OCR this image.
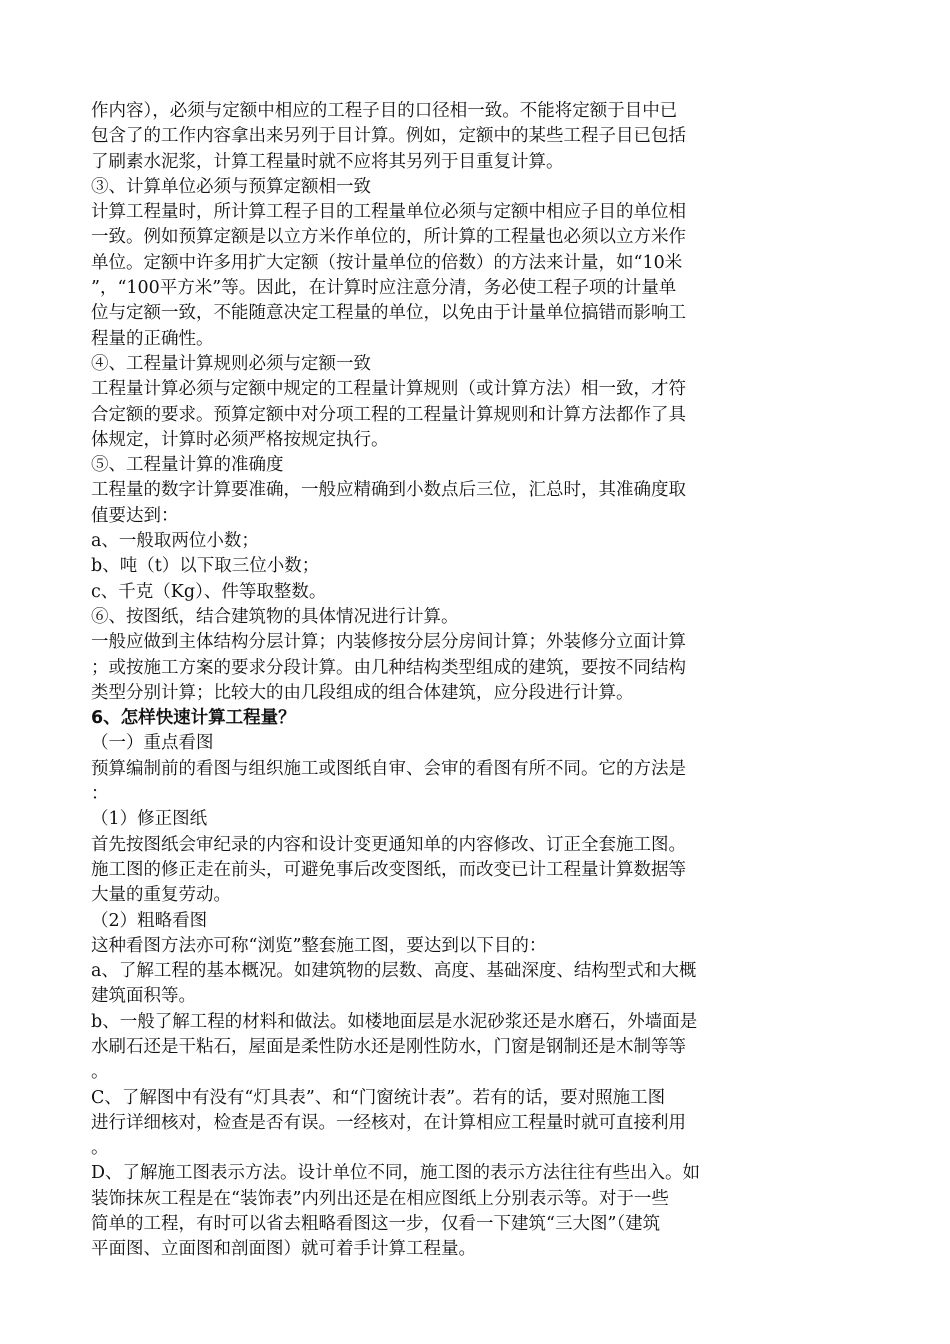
作内容），必须与定额中相应的工程子目的口径相一致。不能将定额于目中已
包含了的工作内容拿出来另列于目计算。例如，定额中的某些工程子目已包括
了刷素水泥浆，计算工程量时就不应将其另列于目重复计算。
③、计算单位必须与预算定额相一致
计算工程量时，所计算工程子目的工程量单位必须与定额中相应子目的单位相
一致。例如预算定额是以立方米作单位的，所计算的工程量也必须以立方米作
单位。定额中许多用扩大定额（按计量单位的倍数）的方法来计量，如“10米
”，“100平方米”等。因此，在计算时应注意分清，务必使工程子项的计量单
位与定额一致，不能随意决定工程量的单位，以免由于计量单位搞错而影响工
程量的正确性。
④、工程量计算规则必须与定额一致
工程量计算必须与定额中规定的工程量计算规则（或计算方法）相一致，才符
合定额的要求。预算定额中对分项工程的工程量计算规则和计算方法都作了具
体规定，计算时必须严格按规定执行。
⑤、工程量计算的准确度
工程量的数字计算要准确，一般应精确到小数点后三位，汇总时，其准确度取
值要达到：
a、一般取两位小数；
b、吨（t）以下取三位小数；
c、千克（Kg）、件等取整数。
⑥、按图纸，结合建筑物的具体情况进行计算。
一般应做到主体结构分层计算；内装修按分层分房间计算；外装修分立面计算
；或按施工方案的要求分段计算。由几种结构类型组成的建筑，要按不同结构
类型分别计算；比较大的由几段组成的组合体建筑，应分段进行计算。
6、怎样快速计算工程量？
（一）重点看图
预算编制前的看图与组织施工或图纸自审、会审的看图有所不同。它的方法是
：
（1）修正图纸
首先按图纸会审纪录的内容和设计变更通知单的内容修改、订正全套施工图。
施工图的修正走在前头，可避免事后改变图纸，而改变已计工程量计算数据等
大量的重复劳动。
（2）粗略看图
这种看图方法亦可称“浏览”整套施工图，要达到以下目的：
a、了解工程的基本概况。如建筑物的层数、高度、基础深度、结构型式和大概
建筑面积等。
b、一般了解工程的材料和做法。如楼地面层是水泥砂浆还是水磨石，外墙面是
水刷石还是干粘石，屋面是柔性防水还是刚性防水，门窗是钢制还是木制等等
。
C、了解图中有没有“灯具表”、和“门窗统计表”。若有的话，要对照施工图
进行详细核对，检查是否有误。一经核对，在计算相应工程量时就可直接利用
。
D、了解施工图表示方法。设计单位不同，施工图的表示方法往往有些出入。如
装饰抹灰工程是在“装饰表”内列出还是在相应图纸上分别表示等。对于一些
简单的工程，有时可以省去粗略看图这一步，仅看一下建筑“三大图”（建筑
平面图、立面图和剖面图）就可着手计算工程量。
